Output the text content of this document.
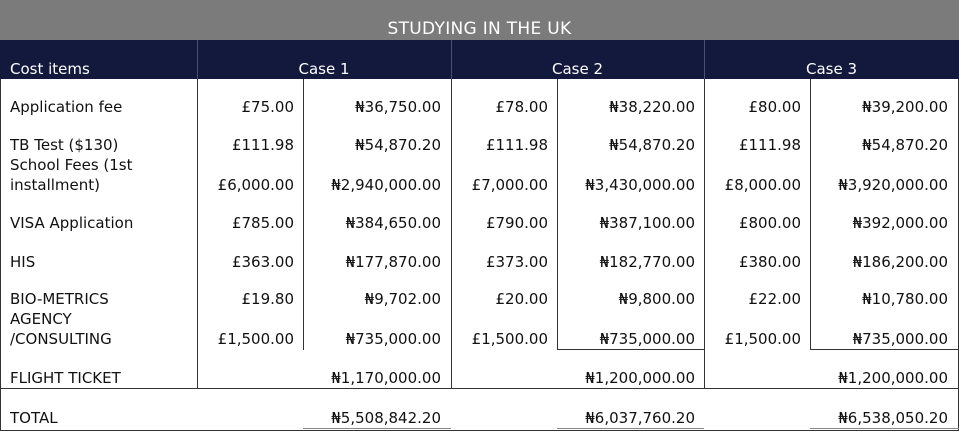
STUDYING IN THE UK
Cost items	Case 1	Case 2	Case 3
Application fee	£75.00	₦36,750.00	£78.00	₦38,220.00	£80.00	₦39,200.00
TB Test ($130)	£111.98	₦54,870.20	£111.98	₦54,870.20	£111.98	₦54,870.20
School Fees (1st
installment)	£6,000.00	₦2,940,000.00	£7,000.00	₦3,430,000.00	£8,000.00	₦3,920,000.00
VISA Application	£785.00	₦384,650.00	£790.00	₦387,100.00	£800.00	₦392,000.00
HIS	£363.00	₦177,870.00	£373.00	₦182,770.00	£380.00	₦186,200.00
BIO-METRICS	£19.80	₦9,702.00	£20.00	₦9,800.00	£22.00	₦10,780.00
AGENCY
/CONSULTING	£1,500.00	₦735,000.00	£1,500.00	₦735,000.00	£1,500.00	₦735,000.00
FLIGHT TICKET	₦1,170,000.00	₦1,200,000.00	₦1,200,000.00
TOTAL	₦5,508,842.20	₦6,037,760.20	₦6,538,050.20
